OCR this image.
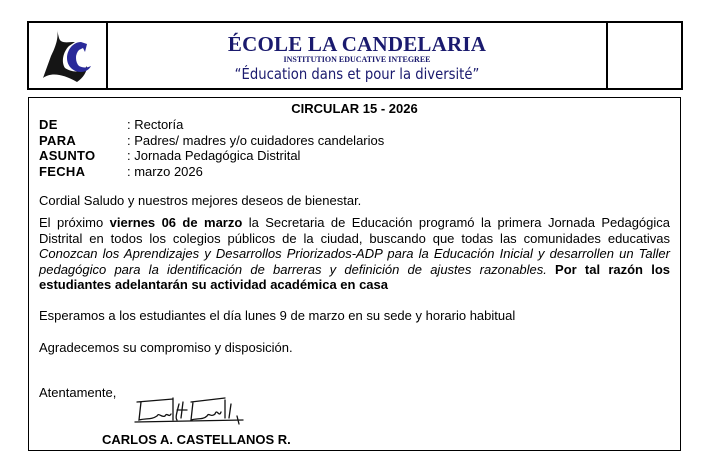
ÉCOLE LA CANDELARIA
INSTITUTION EDUCATIVE INTEGREE
“Éducation dans et pour la diversité”
CIRCULAR 15 - 2026
DE	: Rectoría
PARA	: Padres/ madres y/o cuidadores candelarios
ASUNTO	: Jornada Pedagógica Distrital
FECHA	: marzo 2026
Cordial Saludo y nuestros mejores deseos de bienestar.
El próximo viernes 06 de marzo la Secretaria de Educación programó la primera Jornada Pedagógica Distrital en todos los colegios públicos de la ciudad, buscando que todas las comunidades educativas Conozcan los Aprendizajes y Desarrollos Priorizados-ADP para la Educación Inicial y desarrollen un Taller pedagógico para la identificación de barreras y definición de ajustes razonables. Por tal razón los estudiantes adelantarán su actividad académica en casa
Esperamos a los estudiantes el día lunes 9 de marzo en su sede y horario habitual
Agradecemos su compromiso y disposición.
Atentamente,
CARLOS A. CASTELLANOS R.
